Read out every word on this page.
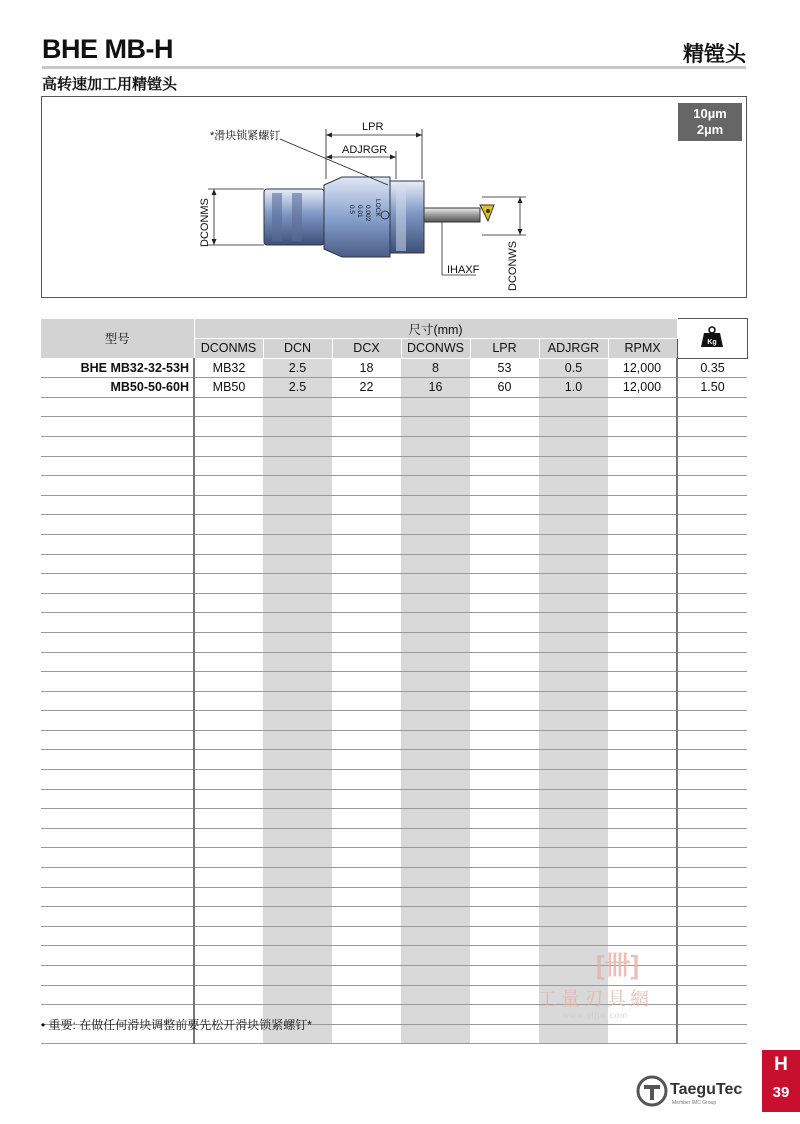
BHE MB-H	精镗头
高转速加工用精镗头
0.5 0.01 0.002 LOCK
LPR
ADJRGR
DCONMS
IHAXF	DCONWS
*滑块锁紧螺钉
10µm
2µm
型号	尺寸(mm)							Kg

	DCONMS	DCN	DCX	DCONWS	LPR	ADJRGR	RPMX	
BHE MB32-32-53H	MB32	2.5	18	8	53	0.5	12,000	0.35
MB50-50-60H	MB50	2.5	22	16	60	1.0	12,000	1.50

• 重要: 在做任何滑块调整前要先松开滑块锁紧螺钉*
[卌]
工量刃具網
www.gljjw.com
TaeguTec
Member IMC Group
H
39
